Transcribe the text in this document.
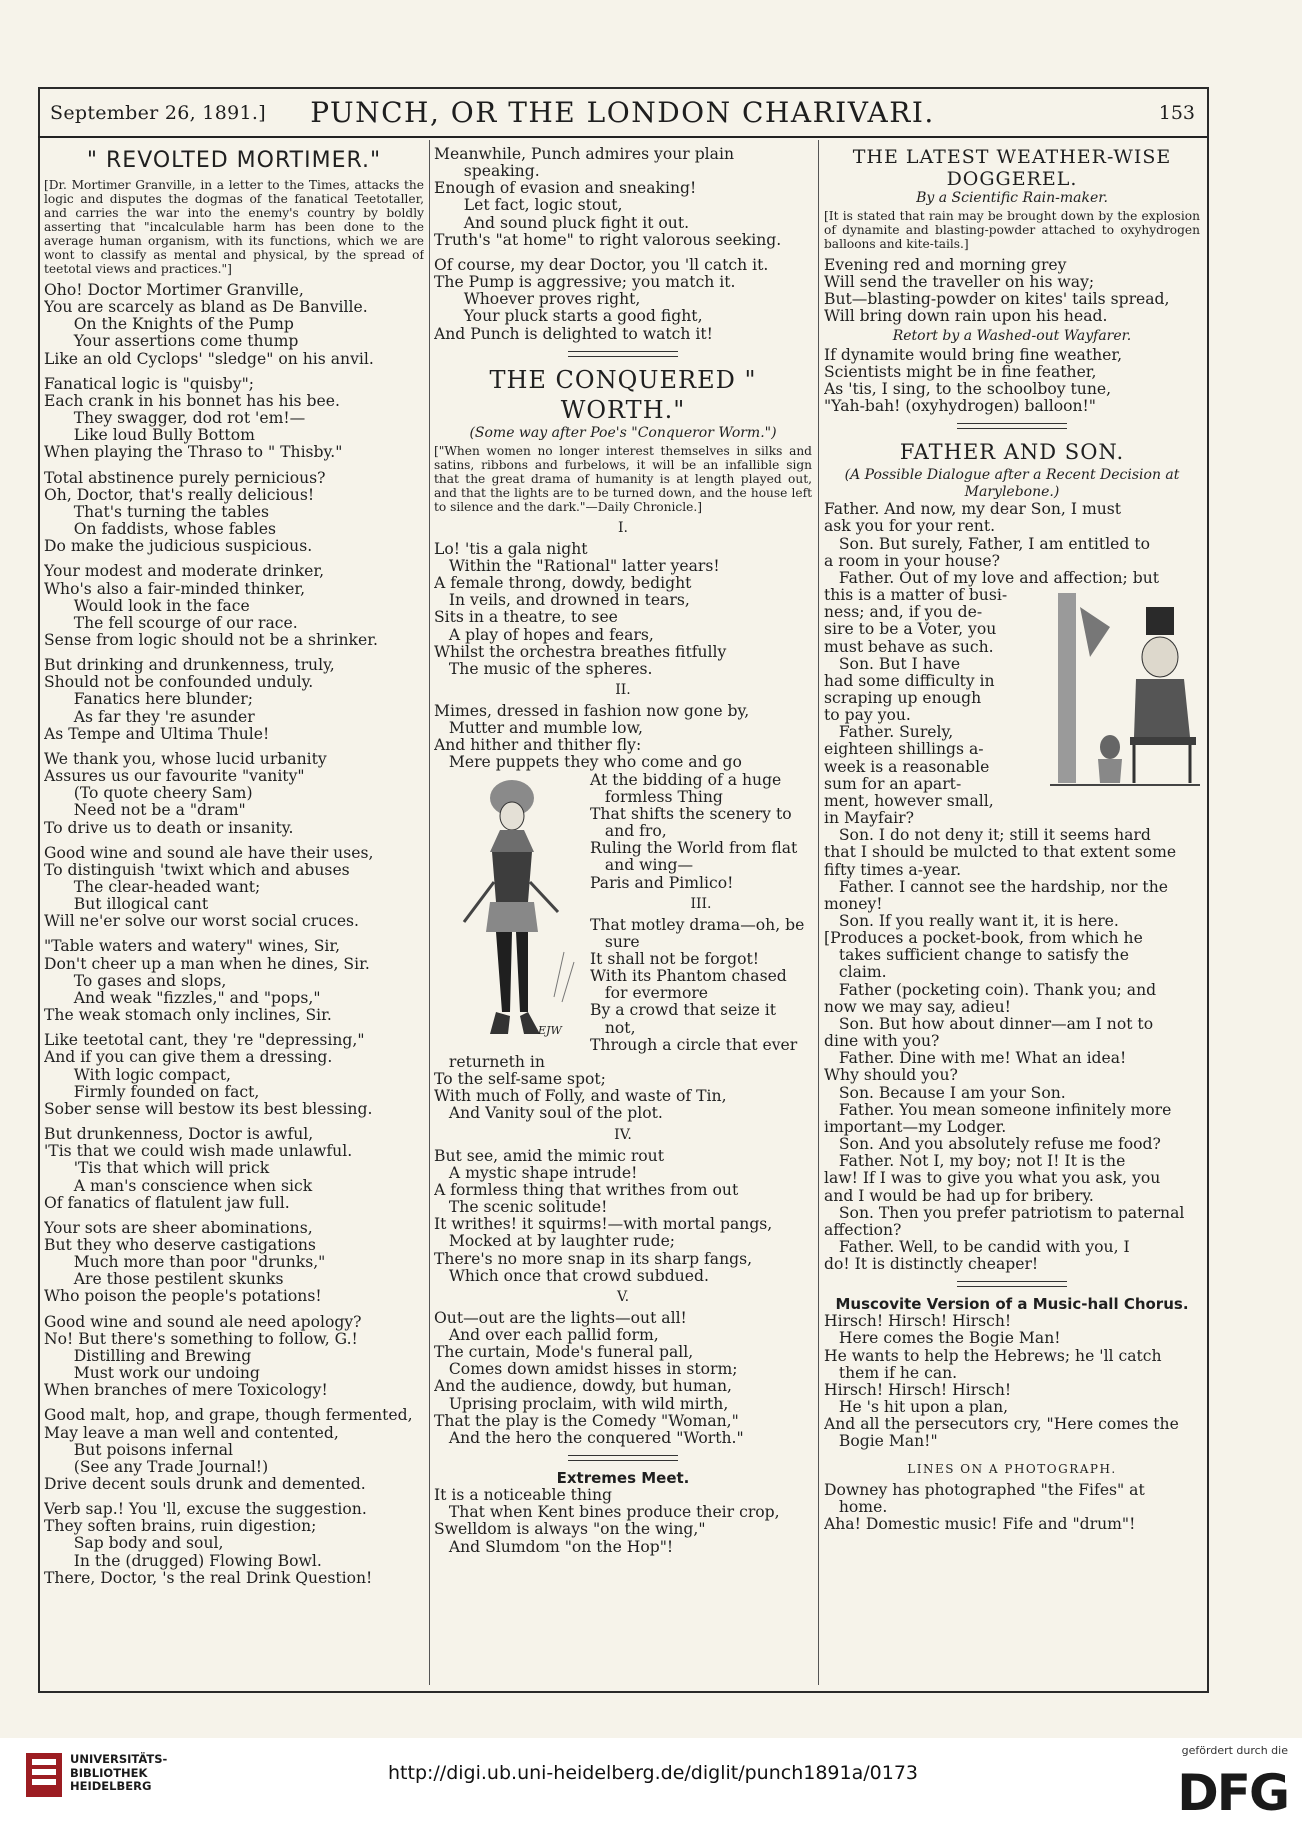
September 26, 1891.]	PUNCH, OR THE LONDON CHARIVARI.	153
" REVOLTED MORTIMER."
[Dr. Mortimer Granville, in a letter to the Times, attacks the logic and disputes the dogmas of the fanatical Teetotaller, and carries the war into the enemy's country by boldly asserting that "incalculable harm has been done to the average human organism, with its functions, which we are wont to classify as mental and physical, by the spread of teetotal views and practices."]
Oho! Doctor Mortimer Granville,
You are scarcely as bland as De Banville.
On the Knights of the Pump
Your assertions come thump
Like an old Cyclops' "sledge" on his anvil.
Fanatical logic is "quisby";
Each crank in his bonnet has his bee.
They swagger, dod rot 'em!—
Like loud Bully Bottom
When playing the Thraso to " Thisby."
Total abstinence purely pernicious?
Oh, Doctor, that's really delicious!
That's turning the tables
On faddists, whose fables
Do make the judicious suspicious.
Your modest and moderate drinker,
Who's also a fair-minded thinker,
Would look in the face
The fell scourge of our race.
Sense from logic should not be a shrinker.
But drinking and drunkenness, truly,
Should not be confounded unduly.
Fanatics here blunder;
As far they 're asunder
As Tempe and Ultima Thule!
We thank you, whose lucid urbanity
Assures us our favourite "vanity"
(To quote cheery Sam)
Need not be a "dram"
To drive us to death or insanity.
Good wine and sound ale have their uses,
To distinguish 'twixt which and abuses
The clear-headed want;
But illogical cant
Will ne'er solve our worst social cruces.
"Table waters and watery" wines, Sir,
Don't cheer up a man when he dines, Sir.
To gases and slops,
And weak "fizzles," and "pops,"
The weak stomach only inclines, Sir.
Like teetotal cant, they 're "depressing,"
And if you can give them a dressing.
With logic compact,
Firmly founded on fact,
Sober sense will bestow its best blessing.
But drunkenness, Doctor is awful,
'Tis that we could wish made unlawful.
'Tis that which will prick
A man's conscience when sick
Of fanatics of flatulent jaw full.
Your sots are sheer abominations,
But they who deserve castigations
Much more than poor "drunks,"
Are those pestilent skunks
Who poison the people's potations!
Good wine and sound ale need apology?
No! But there's something to follow, G.!
Distilling and Brewing
Must work our undoing
When branches of mere Toxicology!
Good malt, hop, and grape, though fermented,
May leave a man well and contented,
But poisons infernal
(See any Trade Journal!)
Drive decent souls drunk and demented.
Verb sap.! You 'll, excuse the suggestion.
They soften brains, ruin digestion;
Sap body and soul,
In the (drugged) Flowing Bowl.
There, Doctor, 's the real Drink Question!
Meanwhile, Punch admires your plain
speaking.
Enough of evasion and sneaking!
Let fact, logic stout,
And sound pluck fight it out.
Truth's "at home" to right valorous seeking.
Of course, my dear Doctor, you 'll catch it.
The Pump is aggressive; you match it.
Whoever proves right,
Your pluck starts a good fight,
And Punch is delighted to watch it!
THE CONQUERED " WORTH."
(Some way after Poe's "Conqueror Worm.")
["When women no longer interest themselves in silks and satins, ribbons and furbelows, it will be an infallible sign that the great drama of humanity is at length played out, and that the lights are to be turned down, and the house left to silence and the dark."—Daily Chronicle.]
I.
Lo! 'tis a gala night
Within the "Rational" latter years!
A female throng, dowdy, bedight
In veils, and drowned in tears,
Sits in a theatre, to see
A play of hopes and fears,
Whilst the orchestra breathes fitfully
The music of the spheres.
II.
Mimes, dressed in fashion now gone by,
Mutter and mumble low,
And hither and thither fly:
Mere puppets they who come and go
EJW
At the bidding of a huge
formless Thing
That shifts the scenery to
and fro,
Ruling the World from flat
and wing—
Paris and Pimlico!
III.
That motley drama—oh, be
sure
It shall not be forgot!
With its Phantom chased
for evermore
By a crowd that seize it
not,
Through a circle that ever
returneth in
To the self-same spot;
With much of Folly, and waste of Tin,
And Vanity soul of the plot.
IV.
But see, amid the mimic rout
A mystic shape intrude!
A formless thing that writhes from out
The scenic solitude!
It writhes! it squirms!—with mortal pangs,
Mocked at by laughter rude;
There's no more snap in its sharp fangs,
Which once that crowd subdued.
V.
Out—out are the lights—out all!
And over each pallid form,
The curtain, Mode's funeral pall,
Comes down amidst hisses in storm;
And the audience, dowdy, but human,
Uprising proclaim, with wild mirth,
That the play is the Comedy "Woman,"
And the hero the conquered "Worth."
Extremes Meet.
It is a noticeable thing
That when Kent bines produce their crop,
Swelldom is always "on the wing,"
And Slumdom "on the Hop"!
THE LATEST WEATHER-WISE DOGGEREL.
By a Scientific Rain-maker.
[It is stated that rain may be brought down by the explosion of dynamite and blasting-powder attached to oxyhydrogen balloons and kite-tails.]
Evening red and morning grey
Will send the traveller on his way;
But—blasting-powder on kites' tails spread,
Will bring down rain upon his head.
Retort by a Washed-out Wayfarer.
If dynamite would bring fine weather,
Scientists might be in fine feather,
As 'tis, I sing, to the schoolboy tune,
"Yah-bah! (oxyhydrogen) balloon!"
FATHER AND SON.
(A Possible Dialogue after a Recent Decision at Marylebone.)
Father. And now, my dear Son, I must
ask you for your rent.
Son. But surely, Father, I am entitled to
a room in your house?
Father. Out of my love and affection; but
this is a matter of busi-
ness; and, if you de-
sire to be a Voter, you
must behave as such.
Son. But I have
had some difficulty in
scraping up enough
to pay you.
Father. Surely,
eighteen shillings a-
week is a reasonable
sum for an apart-
ment, however small,
in Mayfair?
Son. I do not deny it; still it seems hard
that I should be mulcted to that extent some
fifty times a-year.
Father. I cannot see the hardship, nor the
money!
Son. If you really want it, it is here.
[Produces a pocket-book, from which he
takes sufficient change to satisfy the
claim.
Father (pocketing coin). Thank you; and
now we may say, adieu!
Son. But how about dinner—am I not to
dine with you?
Father. Dine with me! What an idea!
Why should you?
Son. Because I am your Son.
Father. You mean someone infinitely more
important—my Lodger.
Son. And you absolutely refuse me food?
Father. Not I, my boy; not I! It is the
law! If I was to give you what you ask, you
and I would be had up for bribery.
Son. Then you prefer patriotism to paternal
affection?
Father. Well, to be candid with you, I
do! It is distinctly cheaper!
Muscovite Version of a Music-hall Chorus.
Hirsch! Hirsch! Hirsch!
Here comes the Bogie Man!
He wants to help the Hebrews; he 'll catch
them if he can.
Hirsch! Hirsch! Hirsch!
He 's hit upon a plan,
And all the persecutors cry, "Here comes the
Bogie Man!"
LINES ON A PHOTOGRAPH.
Downey has photographed "the Fifes" at
home.
Aha! Domestic music! Fife and "drum"!
UNIVERSITÄTS-
BIBLIOTHEK
HEIDELBERG
http://digi.ub.uni-heidelberg.de/diglit/punch1891a/0173
gefördert durch die
DFG
